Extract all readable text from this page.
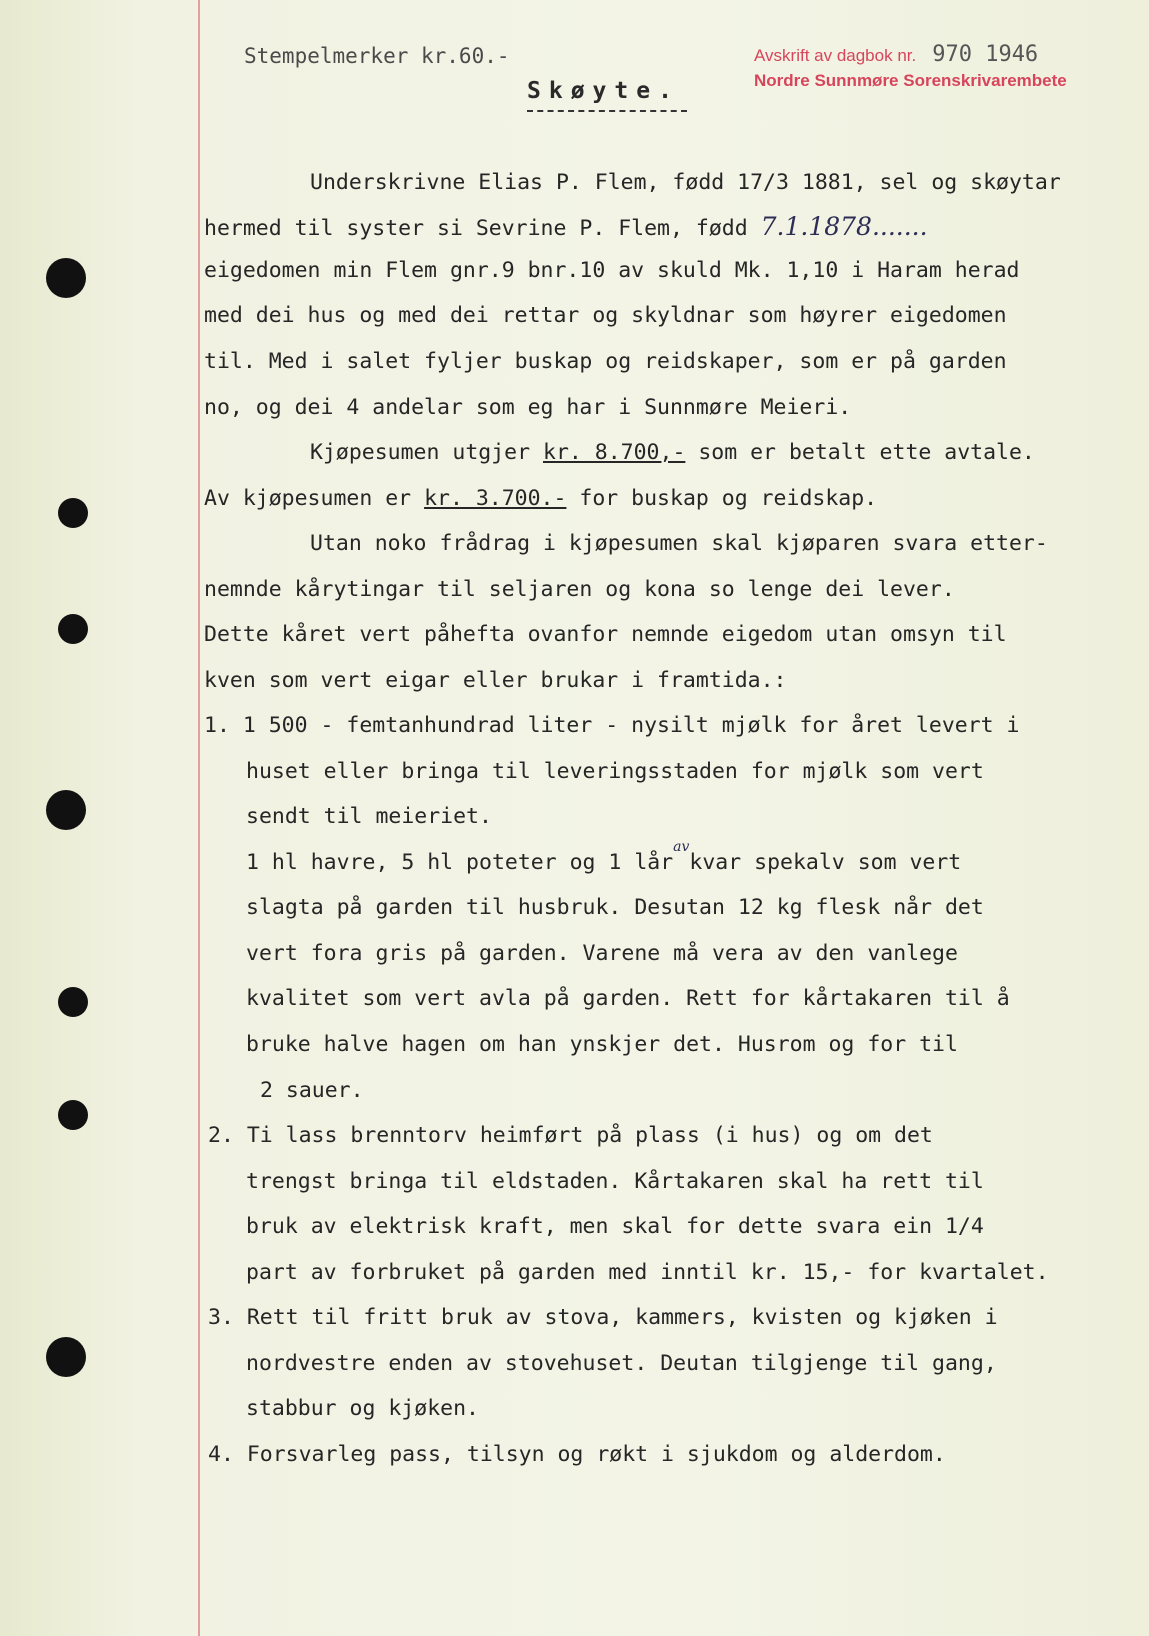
Stempelmerker kr.60.-
Skøyte.
Avskrift av dagbok nr. 970 1946
Nordre Sunnmøre Sorenskrivarembete
Underskrivne Elias P. Flem, fødd 17/3 1881, sel og skøytar
hermed til syster si Sevrine P. Flem, fødd 7.1.1878.......
eigedomen min Flem gnr.9 bnr.10 av skuld Mk. 1,10 i Haram herad
med dei hus og med dei rettar og skyldnar som høyrer eigedomen
til. Med i salet fyljer buskap og reidskaper, som er på garden
no, og dei 4 andelar som eg har i Sunnmøre Meieri.
Kjøpesumen utgjer kr. 8.700,- som er betalt ette avtale.
Av kjøpesumen er kr. 3.700.- for buskap og reidskap.
Utan noko frådrag i kjøpesumen skal kjøparen svara etter-
nemnde kårytingar til seljaren og kona so lenge dei lever.
Dette kåret vert påhefta ovanfor nemnde eigedom utan omsyn til
kven som vert eigar eller brukar i framtida.:
1. 1 500 - femtanhundrad liter - nysilt mjølk for året levert i
huset eller bringa til leveringsstaden for mjølk som vert
sendt til meieriet.
1 hl havre, 5 hl poteter og 1 lår$^{av}$kvar spekalv som vert
slagta på garden til husbruk. Desutan 12 kg flesk når det
vert fora gris på garden. Varene må vera av den vanlege
kvalitet som vert avla på garden. Rett for kårtakaren til å
bruke halve hagen om han ynskjer det. Husrom og for til
2 sauer.
2. Ti lass brenntorv heimført på plass (i hus) og om det
trengst bringa til eldstaden. Kårtakaren skal ha rett til
bruk av elektrisk kraft, men skal for dette svara ein 1/4
part av forbruket på garden med inntil kr. 15,- for kvartalet.
3. Rett til fritt bruk av stova, kammers, kvisten og kjøken i
nordvestre enden av stovehuset. Deutan tilgjenge til gang,
stabbur og kjøken.
4. Forsvarleg pass, tilsyn og røkt i sjukdom og alderdom.
